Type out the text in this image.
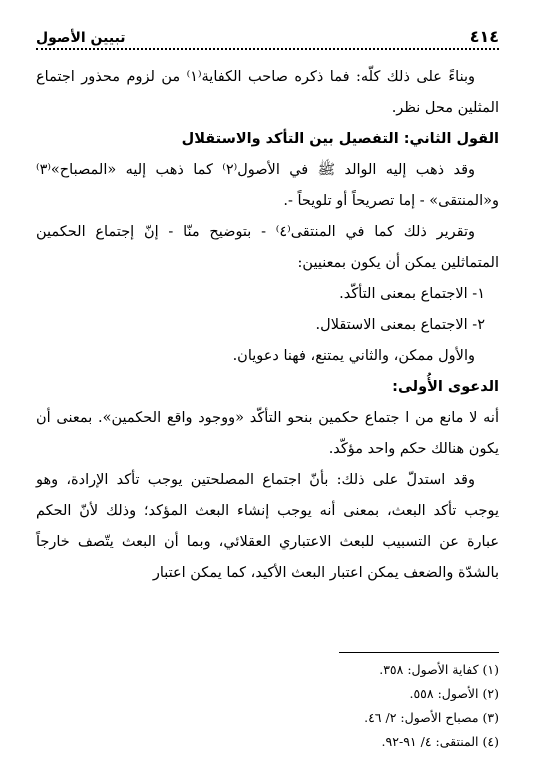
٤١٤
تبيين الأصول

وبناءً على ذلك كلّه: فما ذكره صاحب الكفاية⁽١⁾ من لزوم محذور اجتماع المثلين محل نظر.

القول الثاني: التفصيل بين التأكد والاستقلال

وقد ذهب إليه الوالد ﷺ في الأصول⁽٢⁾ كما ذهب إليه «المصباح»⁽٣⁾ و«المنتقى» - إما تصريحاً أو تلويحاً -.

وتقرير ذلك كما في المنتقى⁽٤⁾ - بتوضيح منّا - إنّ إجتماع الحكمين المتماثلين يمكن أن يكون بمعنيين:

١- الاجتماع بمعنى التأكّد.

٢- الاجتماع بمعنى الاستقلال.

والأول ممكن، والثاني يمتنع، فهنا دعويان.

الدعوى الأُولى:

أنه لا مانع من ا جتماع حكمين بنحو التأكّد «ووجود واقع الحكمين». بمعنى أن يكون هنالك حكم واحد مؤكّد.

وقد استدلّ على ذلك: بأنّ اجتماع المصلحتين يوجب تأكد الإرادة، وهو يوجب تأكد البعث، بمعنى أنه يوجب إنشاء البعث المؤكد؛ وذلك لأنّ الحكم عبارة عن التسبيب للبعث الاعتباري العقلائي، وبما أن البعث يتّصف خارجاً بالشدّة والضعف يمكن اعتبار البعث الأكيد، كما يمكن اعتبار

(١) كفاية الأصول: ٣٥٨.
(٢) الأصول: ٥٥٨.
(٣) مصباح الأصول: ٢/ ٤٦.
(٤) المنتقى: ٤/ ٩١-٩٢.
